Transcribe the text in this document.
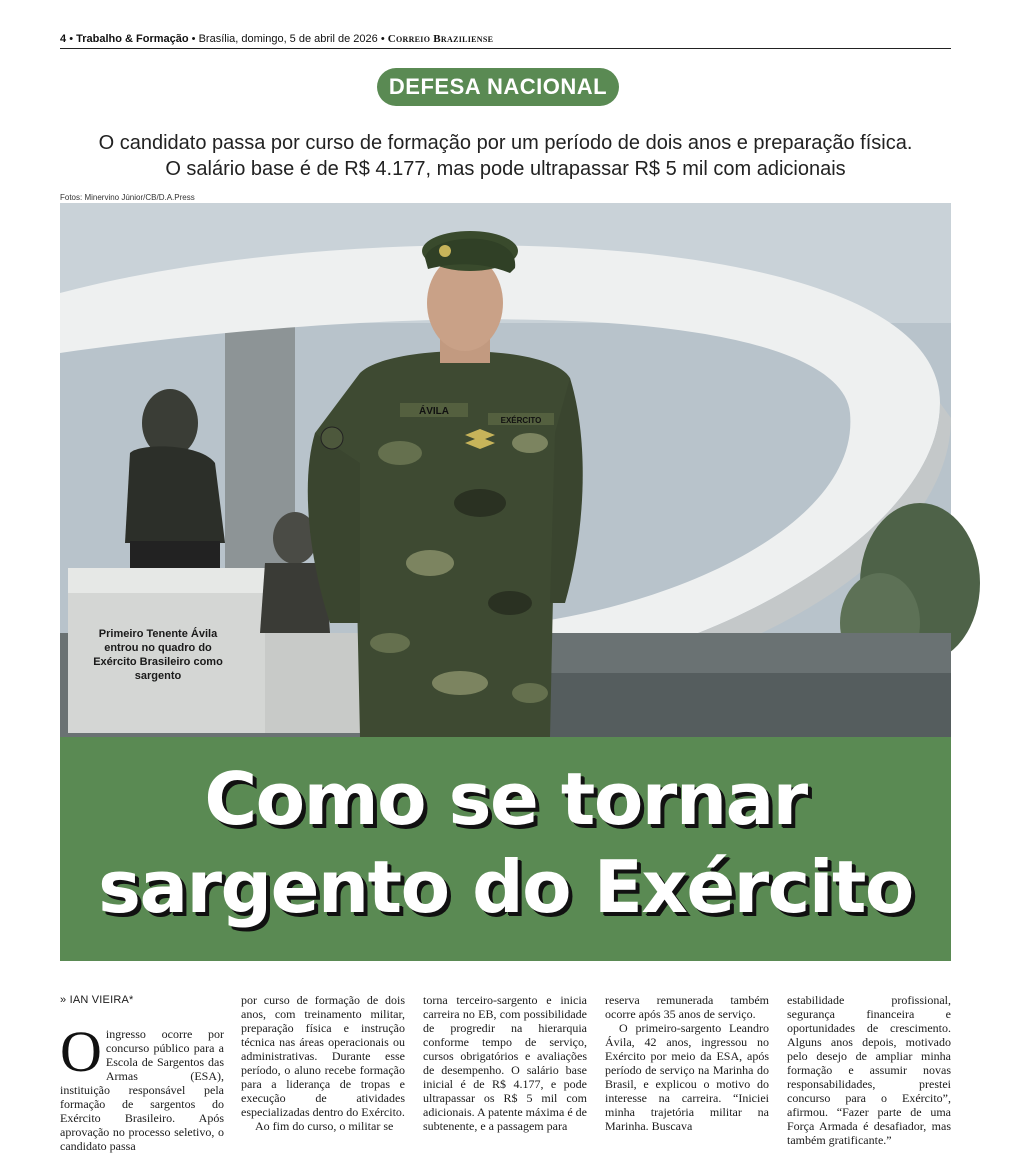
4 • Trabalho & Formação • Brasília, domingo, 5 de abril de 2026 • Correio Braziliense
DEFESA NACIONAL
O candidato passa por curso de formação por um período de dois anos e preparação física.
O salário base é de R$ 4.177, mas pode ultrapassar R$ 5 mil com adicionais
Fotos: Minervino Júnior/CB/D.A.Press
ÁVILA
EXÉRCITO
Primeiro Tenente Ávila entrou no quadro do Exército Brasileiro como sargento
Como se tornar
sargento do Exército
» IAN VIEIRA*
O ingresso ocorre por concurso público para a Escola de Sargentos das Armas (ESA), instituição responsável pela formação de sargentos do Exército Brasileiro. Após aprovação no processo seletivo, o candidato passa

por curso de formação de dois anos, com treinamento militar, preparação física e instrução técnica nas áreas operacionais ou administrativas. Durante esse período, o aluno recebe formação para a liderança de tropas e execução de atividades especializadas dentro do Exército.

Ao fim do curso, o militar se

torna terceiro-sargento e inicia carreira no EB, com possibilidade de progredir na hierarquia conforme tempo de serviço, cursos obrigatórios e avaliações de desempenho. O salário base inicial é de R$ 4.177, e pode ultrapassar os R$ 5 mil com adicionais. A patente máxima é de subtenente, e a passagem para

reserva remunerada também ocorre após 35 anos de serviço.

O primeiro-sargento Leandro Ávila, 42 anos, ingressou no Exército por meio da ESA, após período de serviço na Marinha do Brasil, e explicou o motivo do interesse na carreira. “Iniciei minha trajetória militar na Marinha. Buscava

estabilidade profissional, segurança financeira e oportunidades de crescimento. Alguns anos depois, motivado pelo desejo de ampliar minha formação e assumir novas responsabilidades, prestei concurso para o Exército”, afirmou. “Fazer parte de uma Força Armada é desafiador, mas também gratificante.”
